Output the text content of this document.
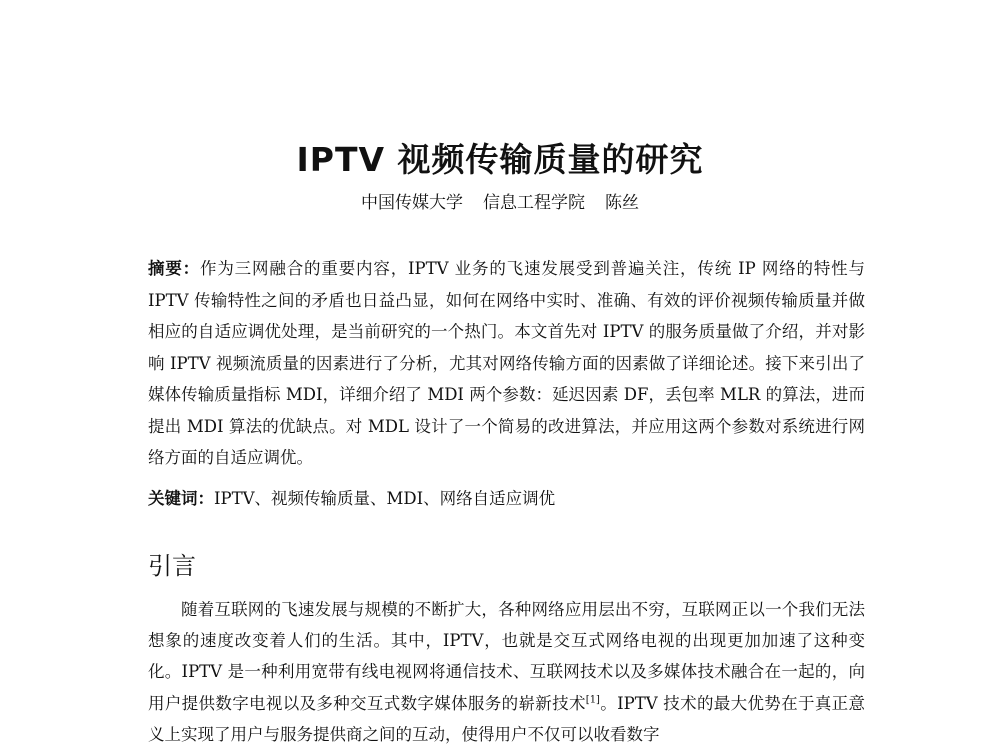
IPTV 视频传输质量的研究
中国传媒大学 信息工程学院 陈丝
摘要：作为三网融合的重要内容，IPTV 业务的飞速发展受到普遍关注，传统 IP 网络的特性与 IPTV 传输特性之间的矛盾也日益凸显，如何在网络中实时、准确、有效的评价视频传输质量并做相应的自适应调优处理，是当前研究的一个热门。本文首先对 IPTV 的服务质量做了介绍，并对影响 IPTV 视频流质量的因素进行了分析，尤其对网络传输方面的因素做了详细论述。接下来引出了媒体传输质量指标 MDI，详细介绍了 MDI 两个参数：延迟因素 DF，丢包率 MLR 的算法，进而提出 MDI 算法的优缺点。对 MDL 设计了一个简易的改进算法，并应用这两个参数对系统进行网络方面的自适应调优。
关键词：IPTV、视频传输质量、MDI、网络自适应调优
引言
随着互联网的飞速发展与规模的不断扩大，各种网络应用层出不穷，互联网正以一个我们无法想象的速度改变着人们的生活。其中，IPTV，也就是交互式网络电视的出现更加加速了这种变化。IPTV 是一种利用宽带有线电视网将通信技术、互联网技术以及多媒体技术融合在一起的，向用户提供数字电视以及多种交互式数字媒体服务的崭新技术[1]。IPTV 技术的最大优势在于真正意义上实现了用户与服务提供商之间的互动，使得用户不仅可以收看数字
